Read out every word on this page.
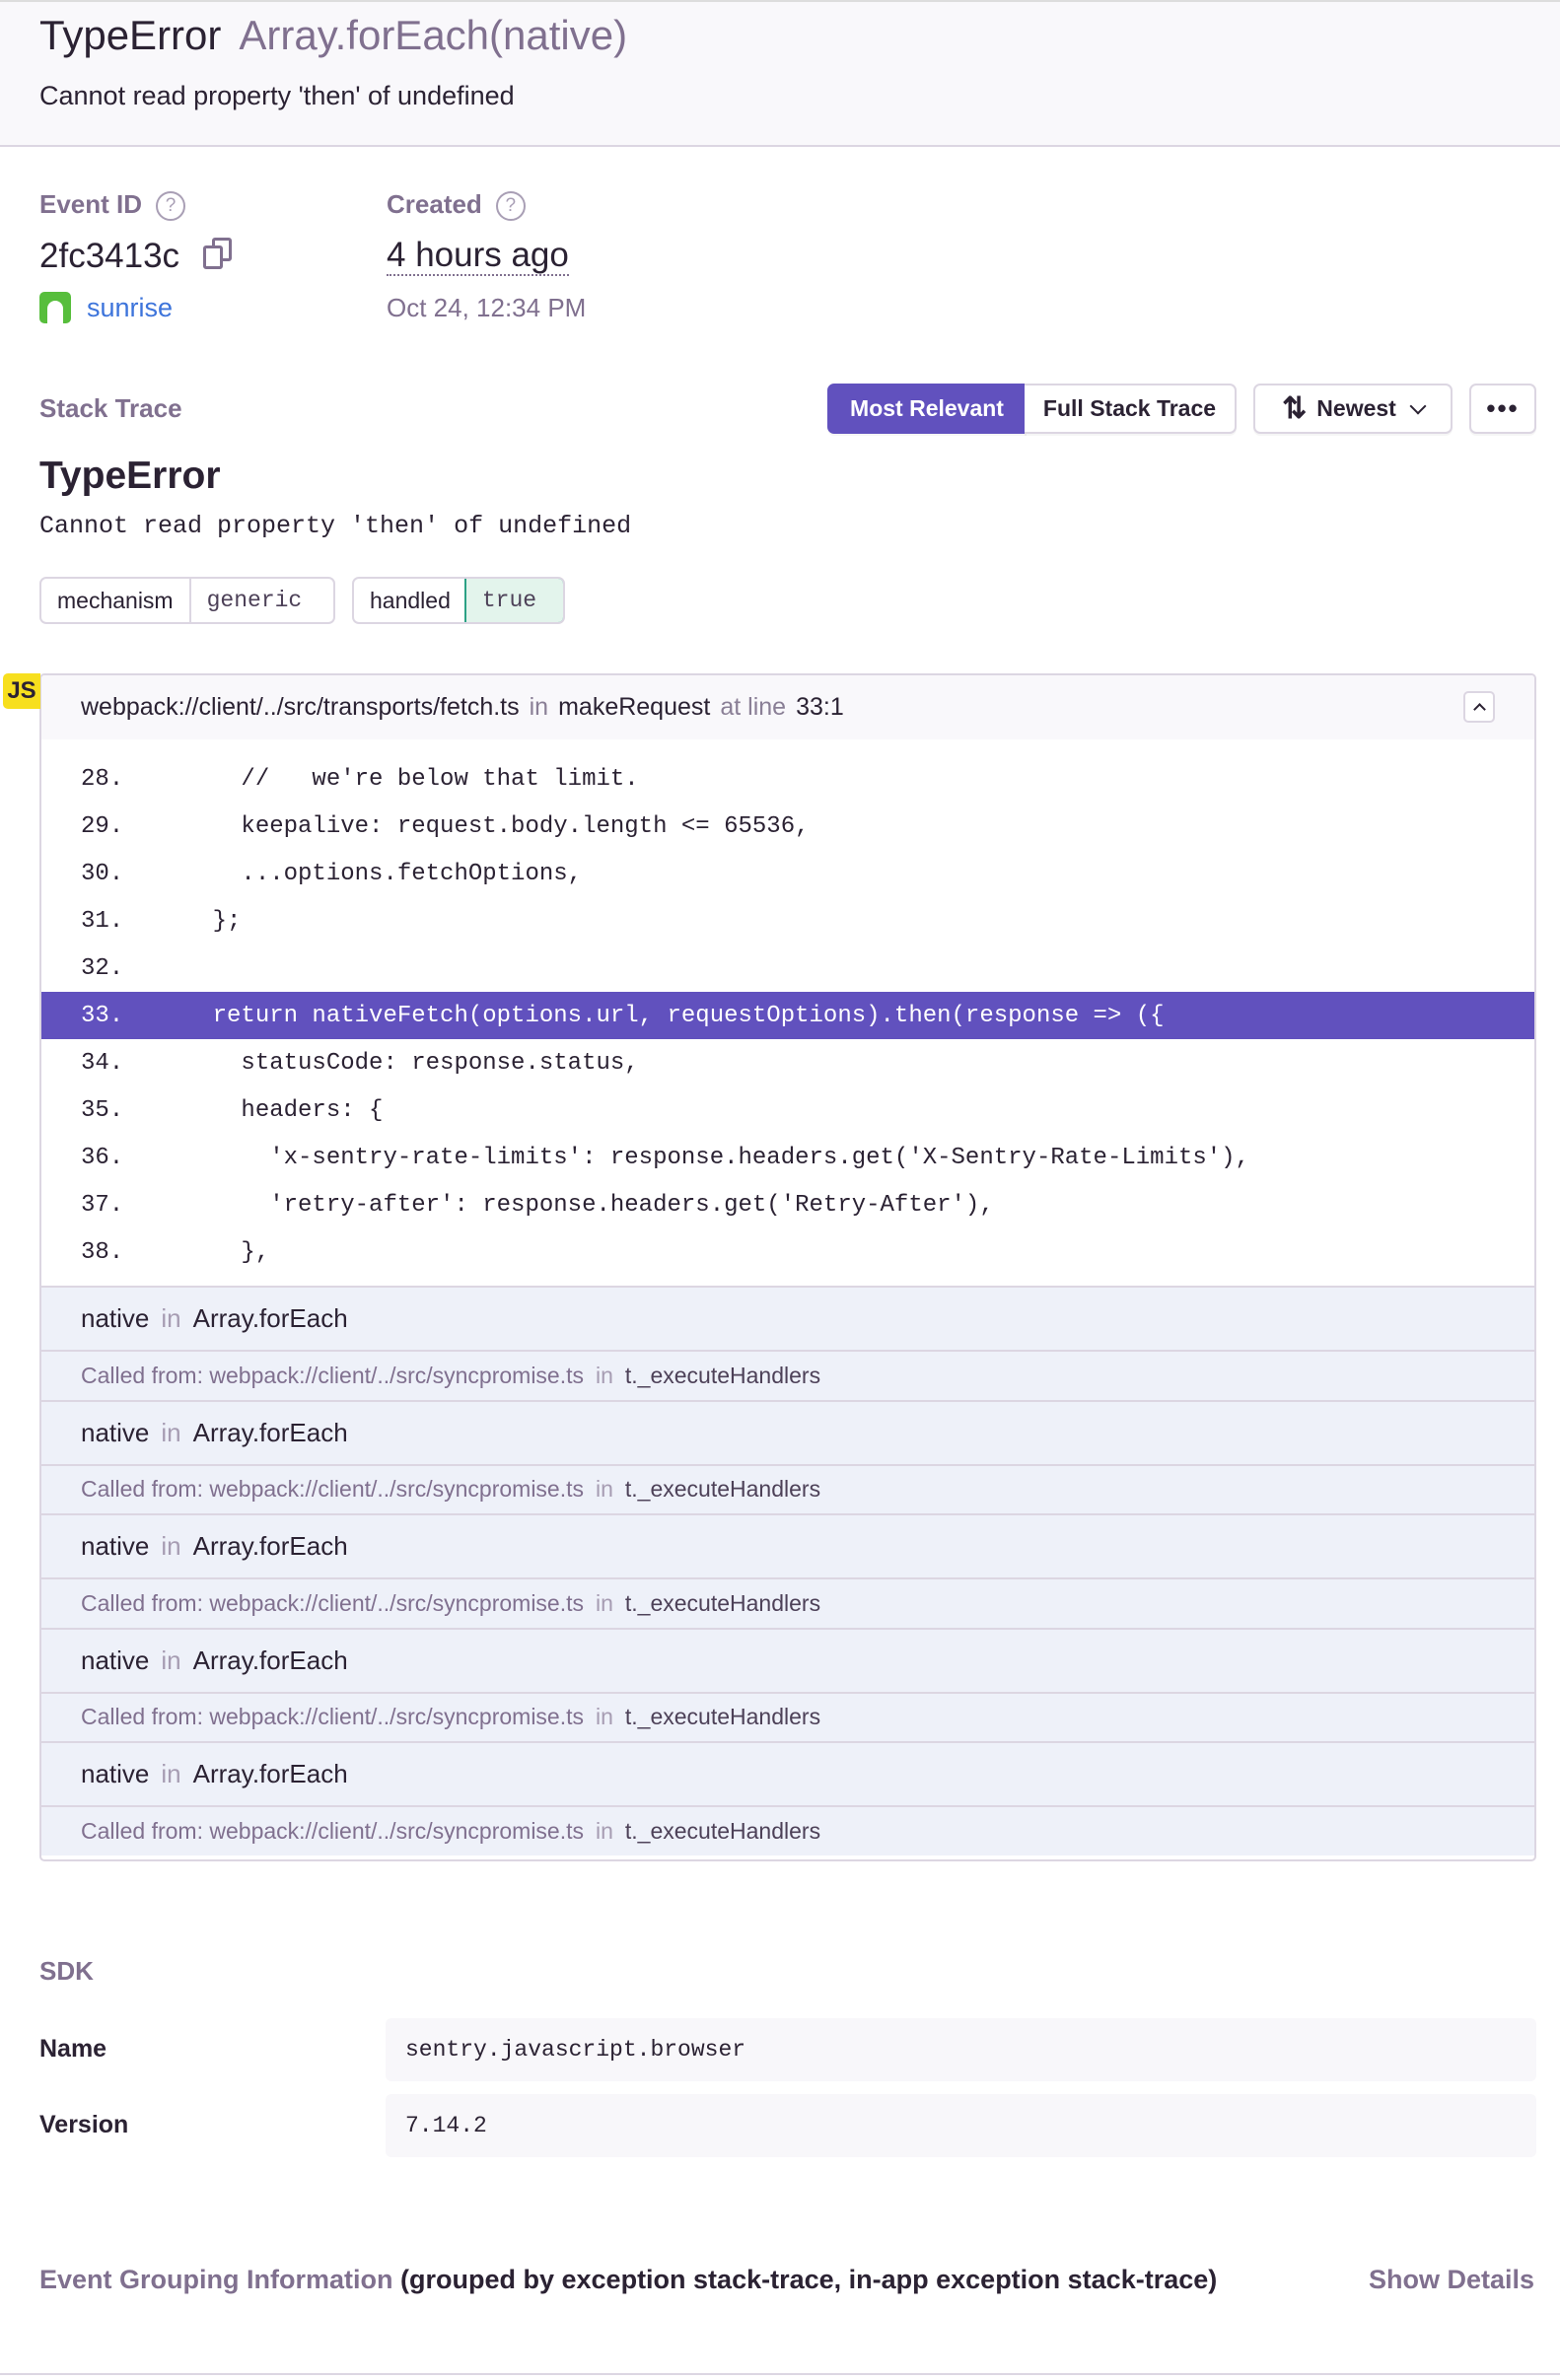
TypeError Array.forEach(native)
Cannot read property 'then' of undefined
Event ID ?
2fc3413c
sunrise
Created ?
4 hours ago
Oct 24, 12:34 PM
Stack Trace	Most Relevant	Full Stack Trace	⇅ Newest	•••
TypeError
Cannot read property 'then' of undefined
mechanism	generic	handled	true
JS
webpack://client/../src/transports/fetch.ts in makeRequest at line 33:1
28.	//   we're below that limit.
29.	keepalive: request.body.length <= 65536,
30.	...options.fetchOptions,
31.	};
32.
33.	return nativeFetch(options.url, requestOptions).then(response => ({
34.	statusCode: response.status,
35.	headers: {
36.	'x-sentry-rate-limits': response.headers.get('X-Sentry-Rate-Limits'),
37.	'retry-after': response.headers.get('Retry-After'),
38.	},
native in Array.forEach
Called from: webpack://client/../src/syncpromise.ts in t._executeHandlers
native in Array.forEach
Called from: webpack://client/../src/syncpromise.ts in t._executeHandlers
native in Array.forEach
Called from: webpack://client/../src/syncpromise.ts in t._executeHandlers
native in Array.forEach
Called from: webpack://client/../src/syncpromise.ts in t._executeHandlers
native in Array.forEach
Called from: webpack://client/../src/syncpromise.ts in t._executeHandlers
SDK
Name	sentry.javascript.browser
Version	7.14.2
Event Grouping Information (grouped by exception stack-trace, in-app exception stack-trace)	Show Details
